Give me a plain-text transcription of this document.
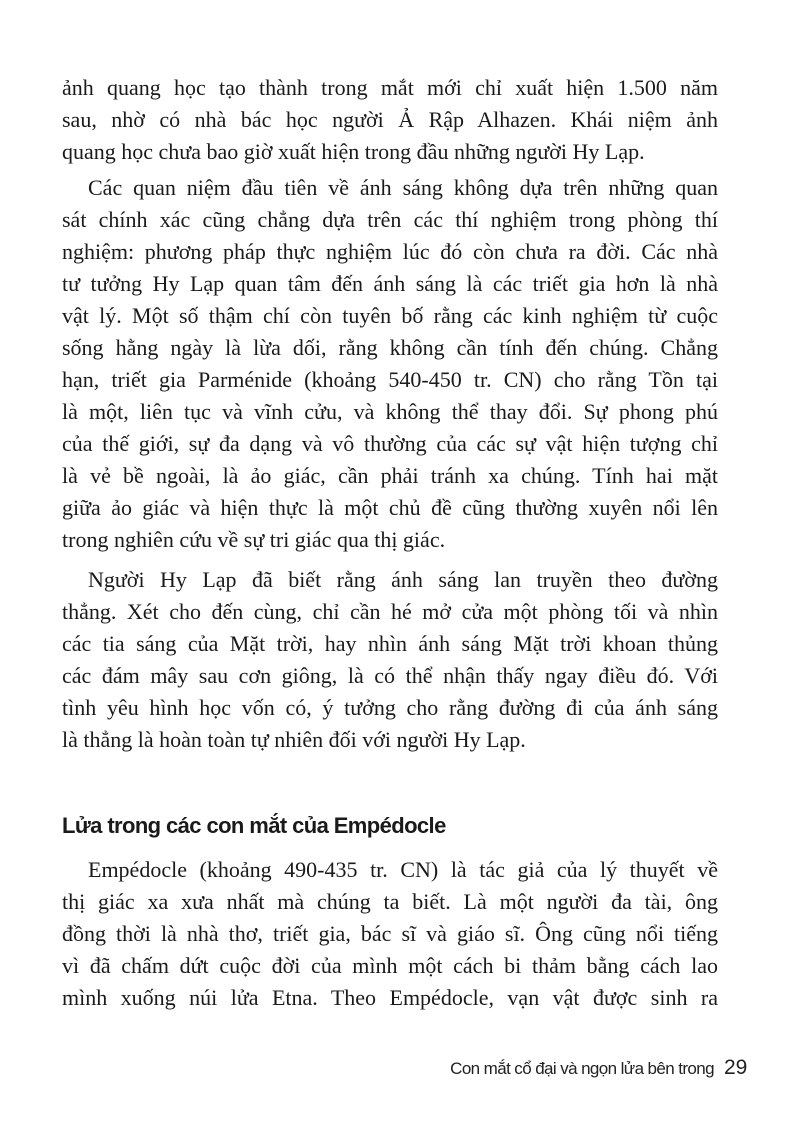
ảnh quang học tạo thành trong mắt mới chỉ xuất hiện 1.500 năm
sau, nhờ có nhà bác học người Ả Rập Alhazen. Khái niệm ảnh
quang học chưa bao giờ xuất hiện trong đầu những người Hy Lạp.
Các quan niệm đầu tiên về ánh sáng không dựa trên những quan
sát chính xác cũng chẳng dựa trên các thí nghiệm trong phòng thí
nghiệm: phương pháp thực nghiệm lúc đó còn chưa ra đời. Các nhà
tư tưởng Hy Lạp quan tâm đến ánh sáng là các triết gia hơn là nhà
vật lý. Một số thậm chí còn tuyên bố rằng các kinh nghiệm từ cuộc
sống hằng ngày là lừa dối, rằng không cần tính đến chúng. Chẳng
hạn, triết gia Parménide (khoảng 540-450 tr. CN) cho rằng Tồn tại
là một, liên tục và vĩnh cửu, và không thể thay đổi. Sự phong phú
của thế giới, sự đa dạng và vô thường của các sự vật hiện tượng chỉ
là vẻ bề ngoài, là ảo giác, cần phải tránh xa chúng. Tính hai mặt
giữa ảo giác và hiện thực là một chủ đề cũng thường xuyên nổi lên
trong nghiên cứu về sự tri giác qua thị giác.
Người Hy Lạp đã biết rằng ánh sáng lan truyền theo đường
thẳng. Xét cho đến cùng, chỉ cần hé mở cửa một phòng tối và nhìn
các tia sáng của Mặt trời, hay nhìn ánh sáng Mặt trời khoan thủng
các đám mây sau cơn giông, là có thể nhận thấy ngay điều đó. Với
tình yêu hình học vốn có, ý tưởng cho rằng đường đi của ánh sáng
là thẳng là hoàn toàn tự nhiên đối với người Hy Lạp.
Lửa trong các con mắt của Empédocle
Empédocle (khoảng 490-435 tr. CN) là tác giả của lý thuyết về
thị giác xa xưa nhất mà chúng ta biết. Là một người đa tài, ông
đồng thời là nhà thơ, triết gia, bác sĩ và giáo sĩ. Ông cũng nổi tiếng
vì đã chấm dứt cuộc đời của mình một cách bi thảm bằng cách lao
mình xuống núi lửa Etna. Theo Empédocle, vạn vật được sinh ra
Con mắt cổ đại và ngọn lửa bên trong 29
